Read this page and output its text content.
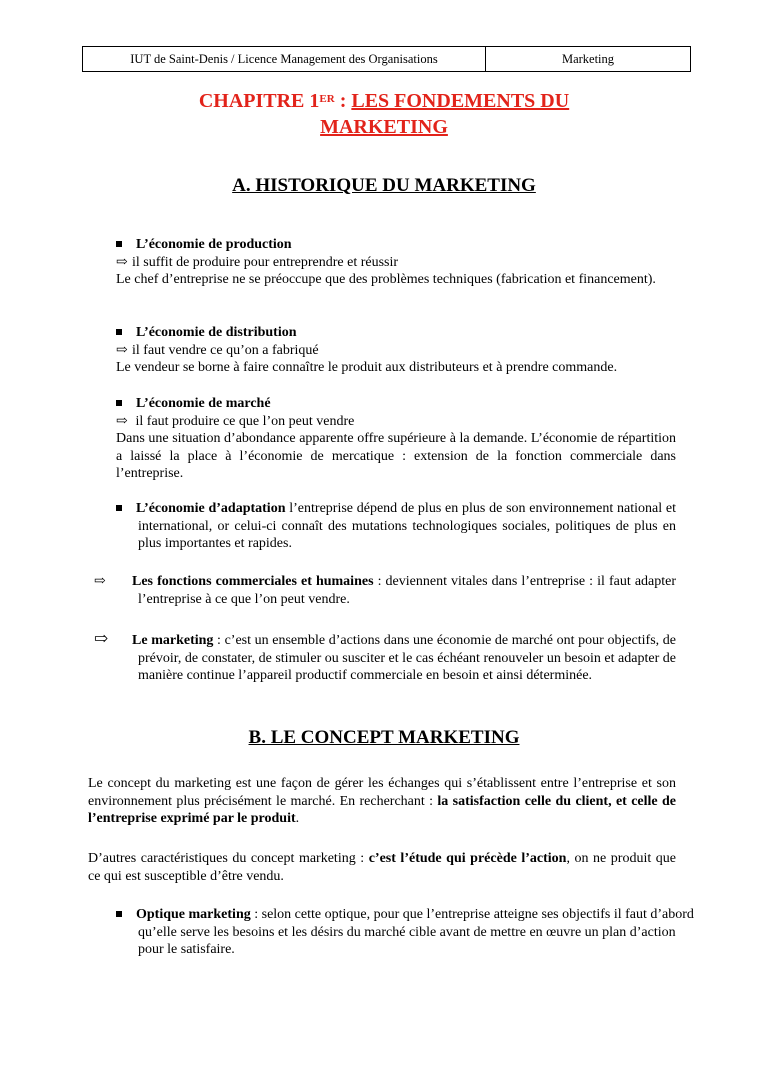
IUT de Saint-Denis / Licence Management des Organisations	Marketing
CHAPITRE 1ER : LES FONDEMENTS DU
MARKETING
A. HISTORIQUE DU MARKETING
L’économie de production
⇨ il suffit de produire pour entreprendre et réussir
Le chef d’entreprise ne se préoccupe que des problèmes techniques (fabrication et financement).
L’économie de distribution
⇨ il faut vendre ce qu’on a fabriqué
Le vendeur se borne à faire connaître le produit aux distributeurs et à prendre commande.
L’économie de marché
⇨ il faut produire ce que l’on peut vendre
Dans une situation d’abondance apparente offre supérieure à la demande. L’économie de répartition a laissé la place à l’économie de mercatique : extension de la fonction commerciale dans l’entreprise.
L’économie d’adaptation l’entreprise dépend de plus en plus de son environnement national et international, or celui-ci connaît des mutations technologiques sociales, politiques de plus en plus importantes et rapides.
⇨ Les fonctions commerciales et humaines : deviennent vitales dans l’entreprise : il faut adapter l’entreprise à ce que l’on peut vendre.
⇨ Le marketing : c’est un ensemble d’actions dans une économie de marché ont pour objectifs, de prévoir, de constater, de stimuler ou susciter et le cas échéant renouveler un besoin et adapter de manière continue l’appareil productif commerciale en besoin et ainsi déterminée.
B. LE CONCEPT MARKETING
Le concept du marketing est une façon de gérer les échanges qui s’établissent entre l’entreprise et son environnement plus précisément le marché. En recherchant : la satisfaction celle du client, et celle de l’entreprise exprimé par le produit.
D’autres caractéristiques du concept marketing : c’est l’étude qui précède l’action, on ne produit que ce qui est susceptible d’être vendu.
Optique marketing : selon cette optique, pour que l’entreprise atteigne ses objectifs il faut d’abord qu’elle serve les besoins et les désirs du marché cible avant de mettre en œuvre un plan d’action pour le satisfaire.
